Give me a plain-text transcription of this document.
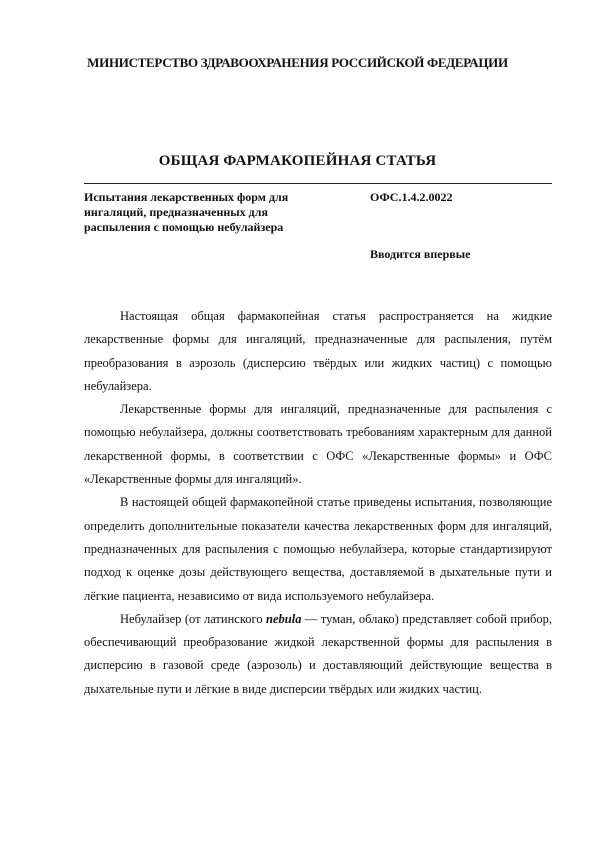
МИНИСТЕРСТВО ЗДРАВООХРАНЕНИЯ РОССИЙСКОЙ ФЕДЕРАЦИИ
ОБЩАЯ ФАРМАКОПЕЙНАЯ СТАТЬЯ
Испытания лекарственных форм для ингаляций, предназначенных для распыления с помощью небулайзера
ОФС.1.4.2.0022
Вводится впервые

Настоящая общая фармакопейная статья распространяется на жидкие лекарственные формы для ингаляций, предназначенные для распыления, путём преобразования в аэрозоль (дисперсию твёрдых или жидких частиц) с помощью небулайзера.

Лекарственные формы для ингаляций, предназначенные для распыления с помощью небулайзера, должны соответствовать требованиям характерным для данной лекарственной формы, в соответствии с ОФС «Лекарственные формы» и ОФС «Лекарственные формы для ингаляций».

В настоящей общей фармакопейной статье приведены испытания, позволяющие определить дополнительные показатели качества лекарственных форм для ингаляций, предназначенных для распыления с помощью небулайзера, которые стандартизируют подход к оценке дозы действующего вещества, доставляемой в дыхательные пути и лёгкие пациента, независимо от вида используемого небулайзера.

Небулайзер (от латинского nebula — туман, облако) представляет собой прибор, обеспечивающий преобразование жидкой лекарственной формы для распыления в дисперсию в газовой среде (аэрозоль) и доставляющий действующие вещества в дыхательные пути и лёгкие в виде дисперсии твёрдых или жидких частиц.
